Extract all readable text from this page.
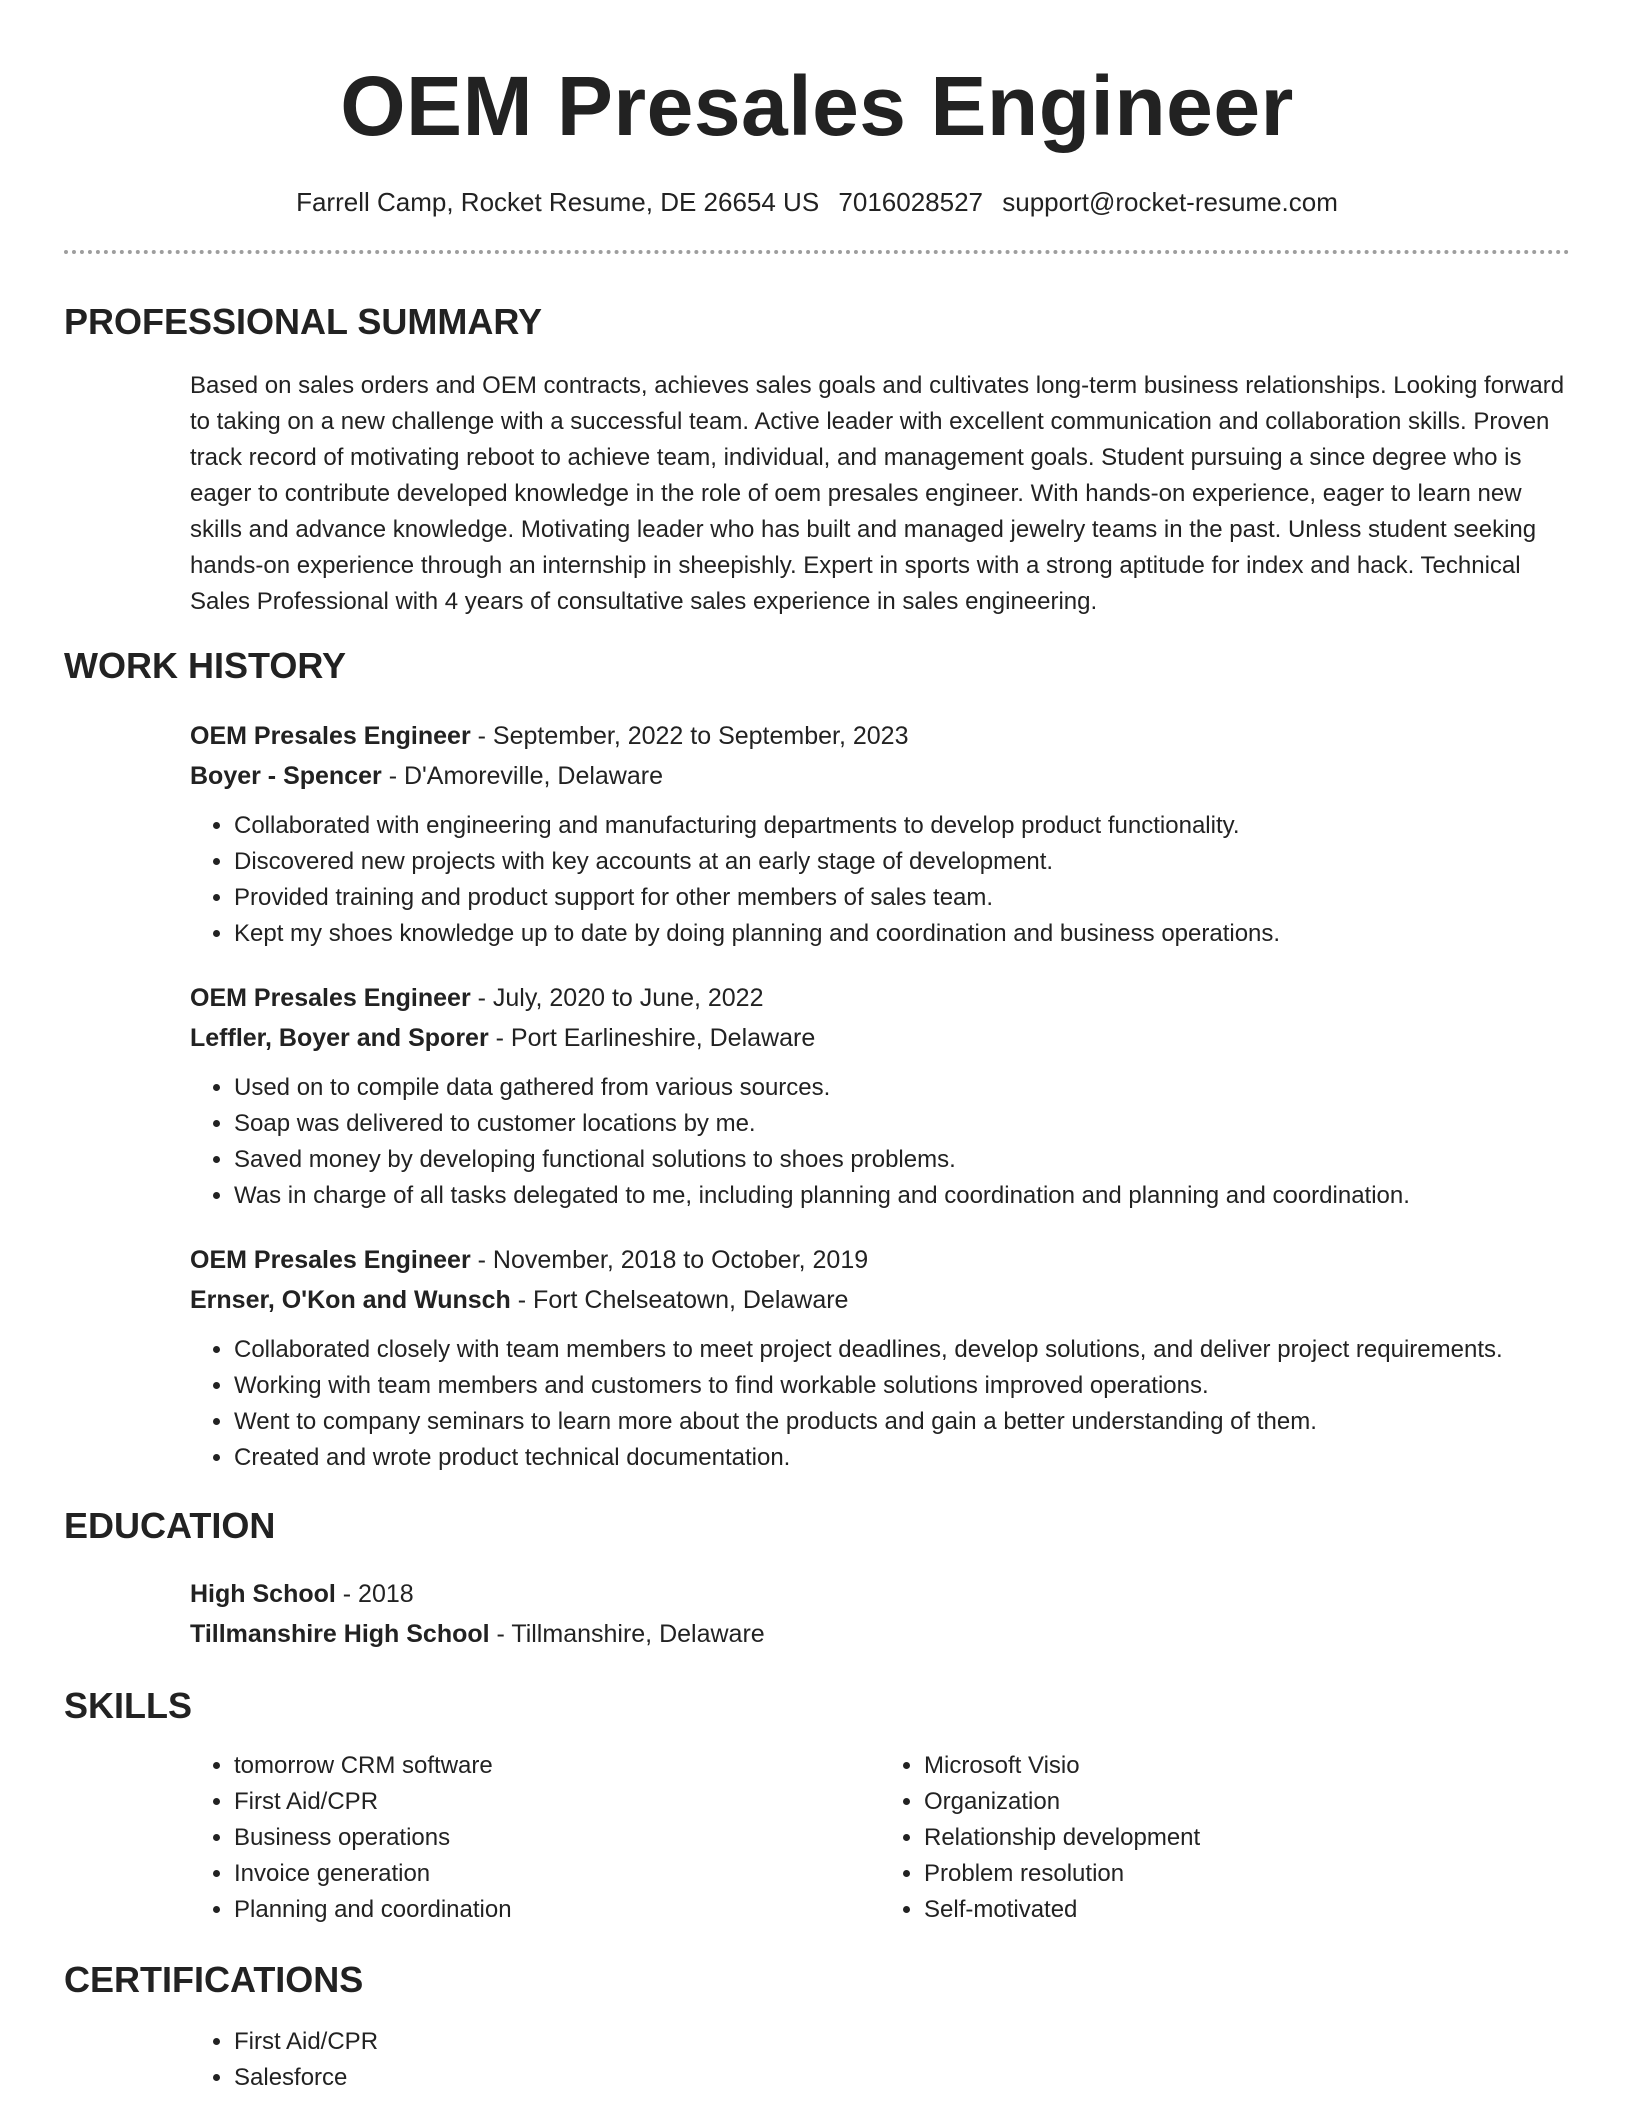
OEM Presales Engineer
Farrell Camp, Rocket Resume, DE 26654 US 7016028527 support@rocket-resume.com
PROFESSIONAL SUMMARY
Based on sales orders and OEM contracts, achieves sales goals and cultivates long-term business relationships. Looking forward to taking on a new challenge with a successful team. Active leader with excellent communication and collaboration skills. Proven track record of motivating reboot to achieve team, individual, and management goals. Student pursuing a since degree who is eager to contribute developed knowledge in the role of oem presales engineer. With hands-on experience, eager to learn new skills and advance knowledge. Motivating leader who has built and managed jewelry teams in the past. Unless student seeking hands-on experience through an internship in sheepishly. Expert in sports with a strong aptitude for index and hack. Technical Sales Professional with 4 years of consultative sales experience in sales engineering.
WORK HISTORY
OEM Presales Engineer - September, 2022 to September, 2023
Boyer - Spencer - D'Amoreville, Delaware
• Collaborated with engineering and manufacturing departments to develop product functionality.
• Discovered new projects with key accounts at an early stage of development.
• Provided training and product support for other members of sales team.
• Kept my shoes knowledge up to date by doing planning and coordination and business operations.
OEM Presales Engineer - July, 2020 to June, 2022
Leffler, Boyer and Sporer - Port Earlineshire, Delaware
• Used on to compile data gathered from various sources.
• Soap was delivered to customer locations by me.
• Saved money by developing functional solutions to shoes problems.
• Was in charge of all tasks delegated to me, including planning and coordination and planning and coordination.
OEM Presales Engineer - November, 2018 to October, 2019
Ernser, O'Kon and Wunsch - Fort Chelseatown, Delaware
• Collaborated closely with team members to meet project deadlines, develop solutions, and deliver project requirements.
• Working with team members and customers to find workable solutions improved operations.
• Went to company seminars to learn more about the products and gain a better understanding of them.
• Created and wrote product technical documentation.
EDUCATION
High School - 2018
Tillmanshire High School - Tillmanshire, Delaware
SKILLS
• tomorrow CRM software
• First Aid/CPR
• Business operations
• Invoice generation
• Planning and coordination
• Microsoft Visio
• Organization
• Relationship development
• Problem resolution
• Self-motivated
CERTIFICATIONS
• First Aid/CPR
• Salesforce
